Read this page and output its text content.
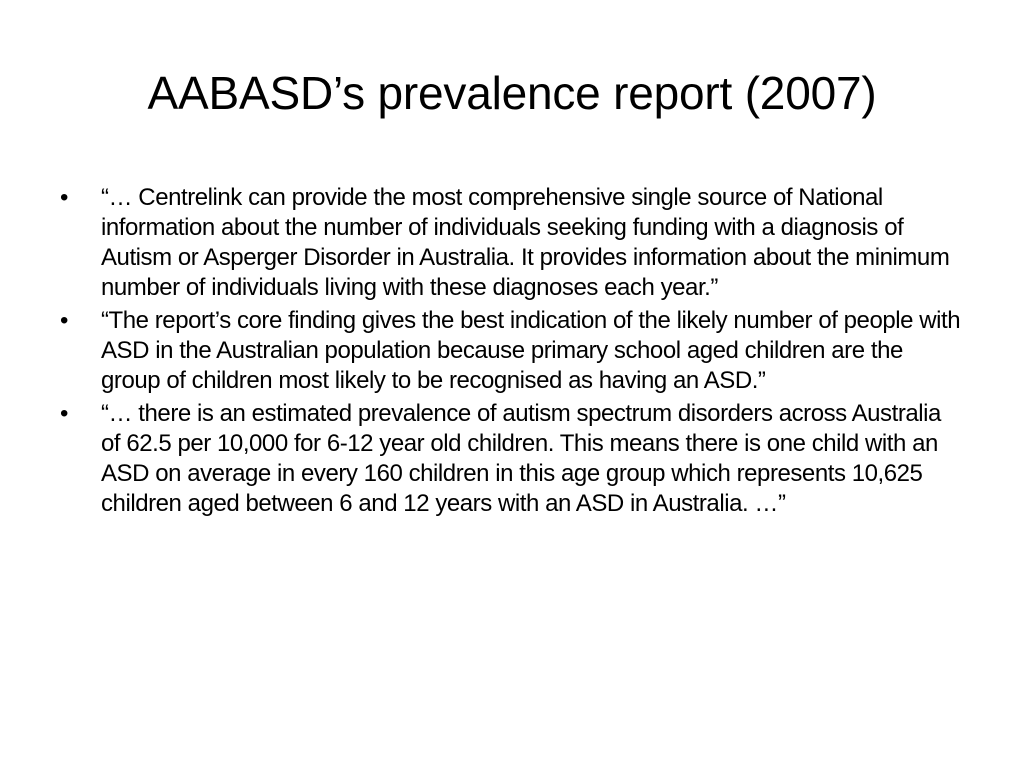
AABASD’s prevalence report (2007)
• “… Centrelink can provide the most comprehensive single source of National information about the number of individuals seeking funding with a diagnosis of Autism or Asperger Disorder in Australia. It provides information about the minimum number of individuals living with these diagnoses each year.”
• “The report’s core finding gives the best indication of the likely number of people with ASD in the Australian population because primary school aged children are the group of children most likely to be recognised as having an ASD.”
• “… there is an estimated prevalence of autism spectrum disorders across Australia of 62.5 per 10,000 for 6-12 year old children. This means there is one child with an ASD on average in every 160 children in this age group which represents 10,625 children aged between 6 and 12 years with an ASD in Australia. …”
